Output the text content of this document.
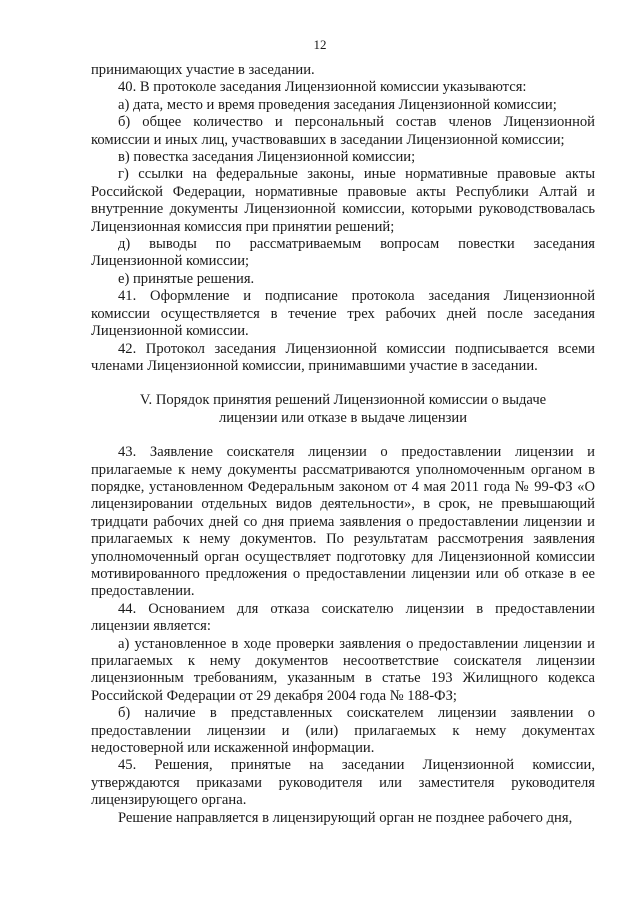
12

принимающих участие в заседании.

40. В протоколе заседания Лицензионной комиссии указываются:

а) дата, место и время проведения заседания Лицензионной комиссии;

б) общее количество и персональный состав членов Лицензионной комиссии и иных лиц, участвовавших в заседании Лицензионной комиссии;

в) повестка заседания Лицензионной комиссии;

г) ссылки на федеральные законы, иные нормативные правовые акты Российской Федерации, нормативные правовые акты Республики Алтай и внутренние документы Лицензионной комиссии, которыми руководствовалась Лицензионная комиссия при принятии решений;

д) выводы по рассматриваемым вопросам повестки заседания Лицензионной комиссии;

е) принятые решения.

41. Оформление и подписание протокола заседания Лицензионной комиссии осуществляется в течение трех рабочих дней после заседания Лицензионной комиссии.

42. Протокол заседания Лицензионной комиссии подписывается всеми членами Лицензионной комиссии, принимавшими участие в заседании.

V. Порядок принятия решений Лицензионной комиссии о выдаче лицензии или отказе в выдаче лицензии

43. Заявление соискателя лицензии о предоставлении лицензии и прилагаемые к нему документы рассматриваются уполномоченным органом в порядке, установленном Федеральным законом от 4 мая 2011 года № 99-ФЗ «О лицензировании отдельных видов деятельности», в срок, не превышающий тридцати рабочих дней со дня приема заявления о предоставлении лицензии и прилагаемых к нему документов. По результатам рассмотрения заявления уполномоченный орган осуществляет подготовку для Лицензионной комиссии мотивированного предложения о предоставлении лицензии или об отказе в ее предоставлении.

44. Основанием для отказа соискателю лицензии в предоставлении лицензии является:

а) установленное в ходе проверки заявления о предоставлении лицензии и прилагаемых к нему документов несоответствие соискателя лицензии лицензионным требованиям, указанным в статье 193 Жилищного кодекса Российской Федерации от 29 декабря 2004 года № 188-ФЗ;

б) наличие в представленных соискателем лицензии заявлении о предоставлении лицензии и (или) прилагаемых к нему документах недостоверной или искаженной информации.

45. Решения, принятые на заседании Лицензионной комиссии, утверждаются приказами руководителя или заместителя руководителя лицензирующего органа.

Решение направляется в лицензирующий орган не позднее рабочего дня,
